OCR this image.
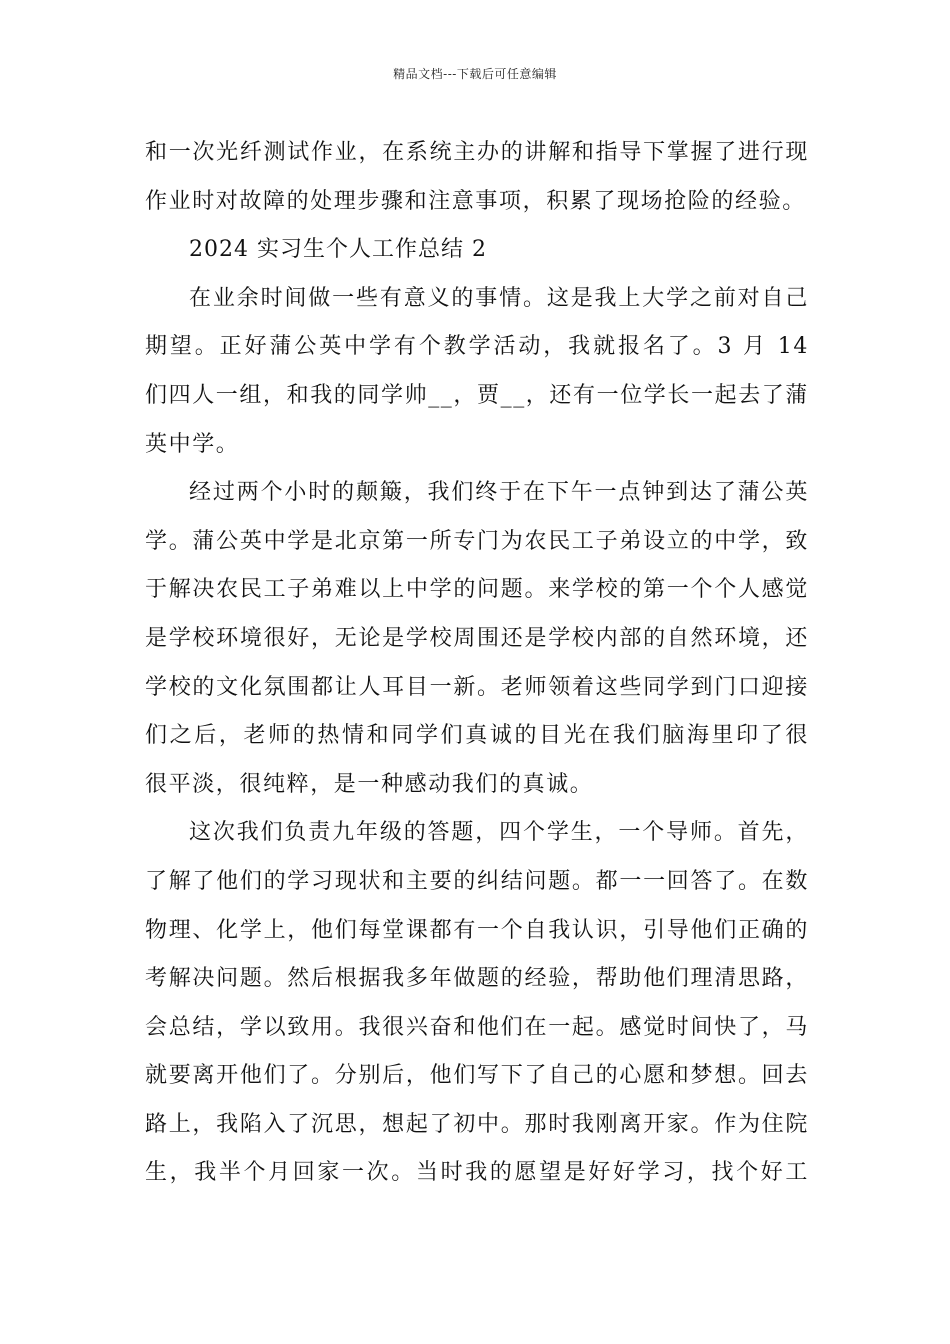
精品文档---下载后可任意编辑
和一次光纤测试作业，在系统主办的讲解和指导下掌握了进行现
作业时对故障的处理步骤和注意事项，积累了现场抢险的经验。
2024 实习生个人工作总结 2
在业余时间做一些有意义的事情。这是我上大学之前对自己
期望。正好蒲公英中学有个教学活动，我就报名了。3 月 14
们四人一组，和我的同学帅__，贾__，还有一位学长一起去了蒲
英中学。
经过两个小时的颠簸，我们终于在下午一点钟到达了蒲公英
学。蒲公英中学是北京第一所专门为农民工子弟设立的中学，致
于解决农民工子弟难以上中学的问题。来学校的第一个个人感觉
是学校环境很好，无论是学校周围还是学校内部的自然环境，还
学校的文化氛围都让人耳目一新。老师领着这些同学到门口迎接
们之后，老师的热情和同学们真诚的目光在我们脑海里印了很
很平淡，很纯粹，是一种感动我们的真诚。
这次我们负责九年级的答题，四个学生，一个导师。首先，
了解了他们的学习现状和主要的纠结问题。都一一回答了。在数
物理、化学上，他们每堂课都有一个自我认识，引导他们正确的
考解决问题。然后根据我多年做题的经验，帮助他们理清思路，
会总结，学以致用。我很兴奋和他们在一起。感觉时间快了，马
就要离开他们了。分别后，他们写下了自己的心愿和梦想。回去
路上，我陷入了沉思，想起了初中。那时我刚离开家。作为住院
生，我半个月回家一次。当时我的愿望是好好学习，找个好工
